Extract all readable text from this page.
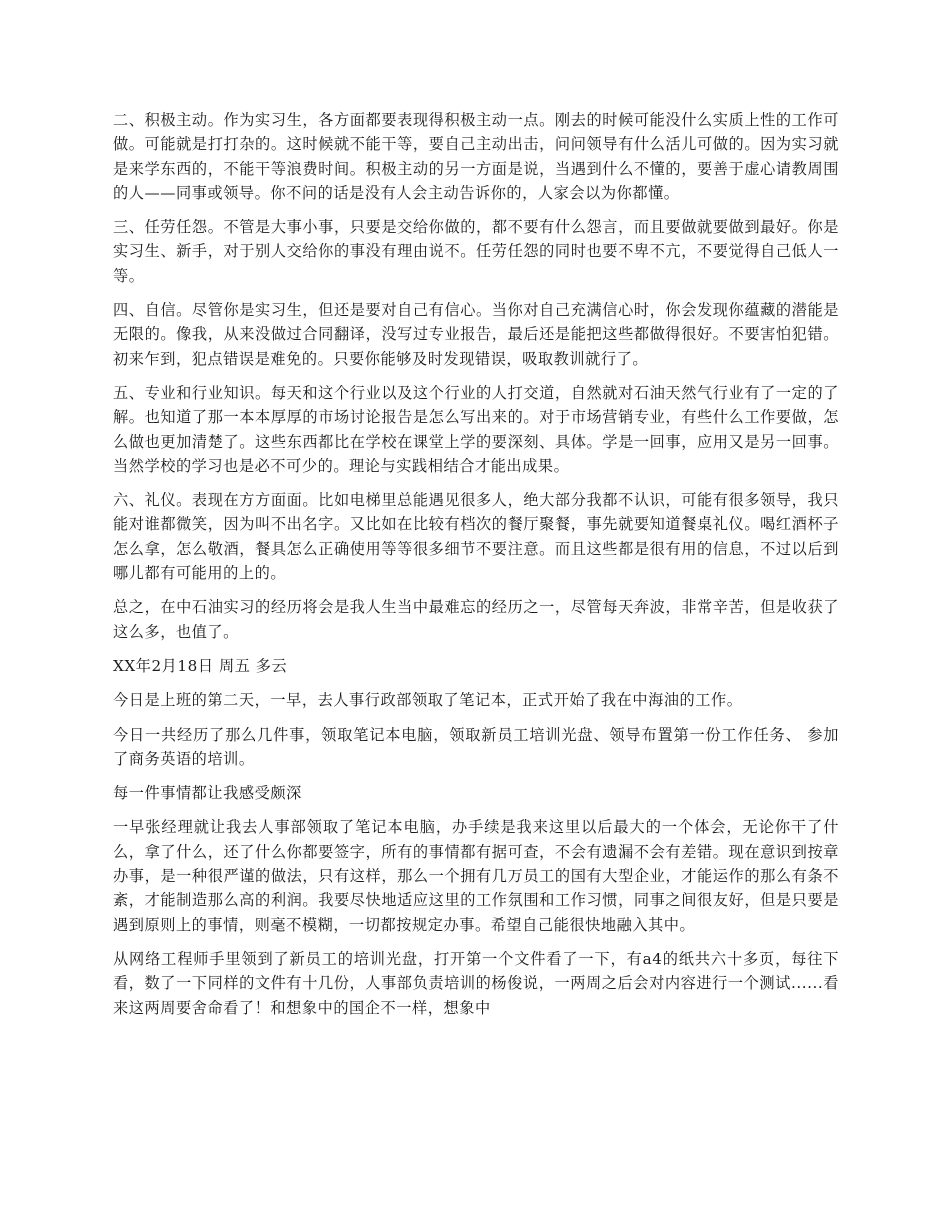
二、积极主动。作为实习生，各方面都要表现得积极主动一点。刚去的时候可能没什么实质上性的工作可做。可能就是打打杂的。这时候就不能干等，要自己主动出击，问问领导有什么活儿可做的。因为实习就是来学东西的，不能干等浪费时间。积极主动的另一方面是说，当遇到什么不懂的，要善于虚心请教周围的人——同事或领导。你不问的话是没有人会主动告诉你的，人家会以为你都懂。

三、任劳任怨。不管是大事小事，只要是交给你做的，都不要有什么怨言，而且要做就要做到最好。你是实习生、新手，对于别人交给你的事没有理由说不。任劳任怨的同时也要不卑不亢，不要觉得自己低人一等。

四、自信。尽管你是实习生，但还是要对自己有信心。当你对自己充满信心时，你会发现你蕴藏的潜能是无限的。像我，从来没做过合同翻译，没写过专业报告，最后还是能把这些都做得很好。不要害怕犯错。初来乍到，犯点错误是难免的。只要你能够及时发现错误，吸取教训就行了。

五、专业和行业知识。每天和这个行业以及这个行业的人打交道，自然就对石油天然气行业有了一定的了解。也知道了那一本本厚厚的市场讨论报告是怎么写出来的。对于市场营销专业，有些什么工作要做，怎么做也更加清楚了。这些东西都比在学校在课堂上学的要深刻、具体。学是一回事，应用又是另一回事。当然学校的学习也是必不可少的。理论与实践相结合才能出成果。

六、礼仪。表现在方方面面。比如电梯里总能遇见很多人，绝大部分我都不认识，可能有很多领导，我只能对谁都微笑，因为叫不出名字。又比如在比较有档次的餐厅聚餐，事先就要知道餐桌礼仪。喝红酒杯子怎么拿，怎么敬酒，餐具怎么正确使用等等很多细节不要注意。而且这些都是很有用的信息，不过以后到哪儿都有可能用的上的。

总之，在中石油实习的经历将会是我人生当中最难忘的经历之一，尽管每天奔波，非常辛苦，但是收获了这么多，也值了。

XX年2月18日 周五 多云

今日是上班的第二天，一早，去人事行政部领取了笔记本，正式开始了我在中海油的工作。

今日一共经历了那么几件事，领取笔记本电脑，领取新员工培训光盘、领导布置第一份工作任务、 参加了商务英语的培训。

每一件事情都让我感受颇深

一早张经理就让我去人事部领取了笔记本电脑，办手续是我来这里以后最大的一个体会，无论你干了什么，拿了什么，还了什么你都要签字，所有的事情都有据可查，不会有遗漏不会有差错。现在意识到按章办事，是一种很严谨的做法，只有这样，那么一个拥有几万员工的国有大型企业，才能运作的那么有条不紊，才能制造那么高的利润。我要尽快地适应这里的工作氛围和工作习惯，同事之间很友好，但是只要是遇到原则上的事情，则毫不模糊，一切都按规定办事。希望自己能很快地融入其中。

从网络工程师手里领到了新员工的培训光盘，打开第一个文件看了一下，有a4的纸共六十多页，每往下看，数了一下同样的文件有十几份，人事部负责培训的杨俊说，一两周之后会对内容进行一个测试......看来这两周要舍命看了！和想象中的国企不一样，想象中
